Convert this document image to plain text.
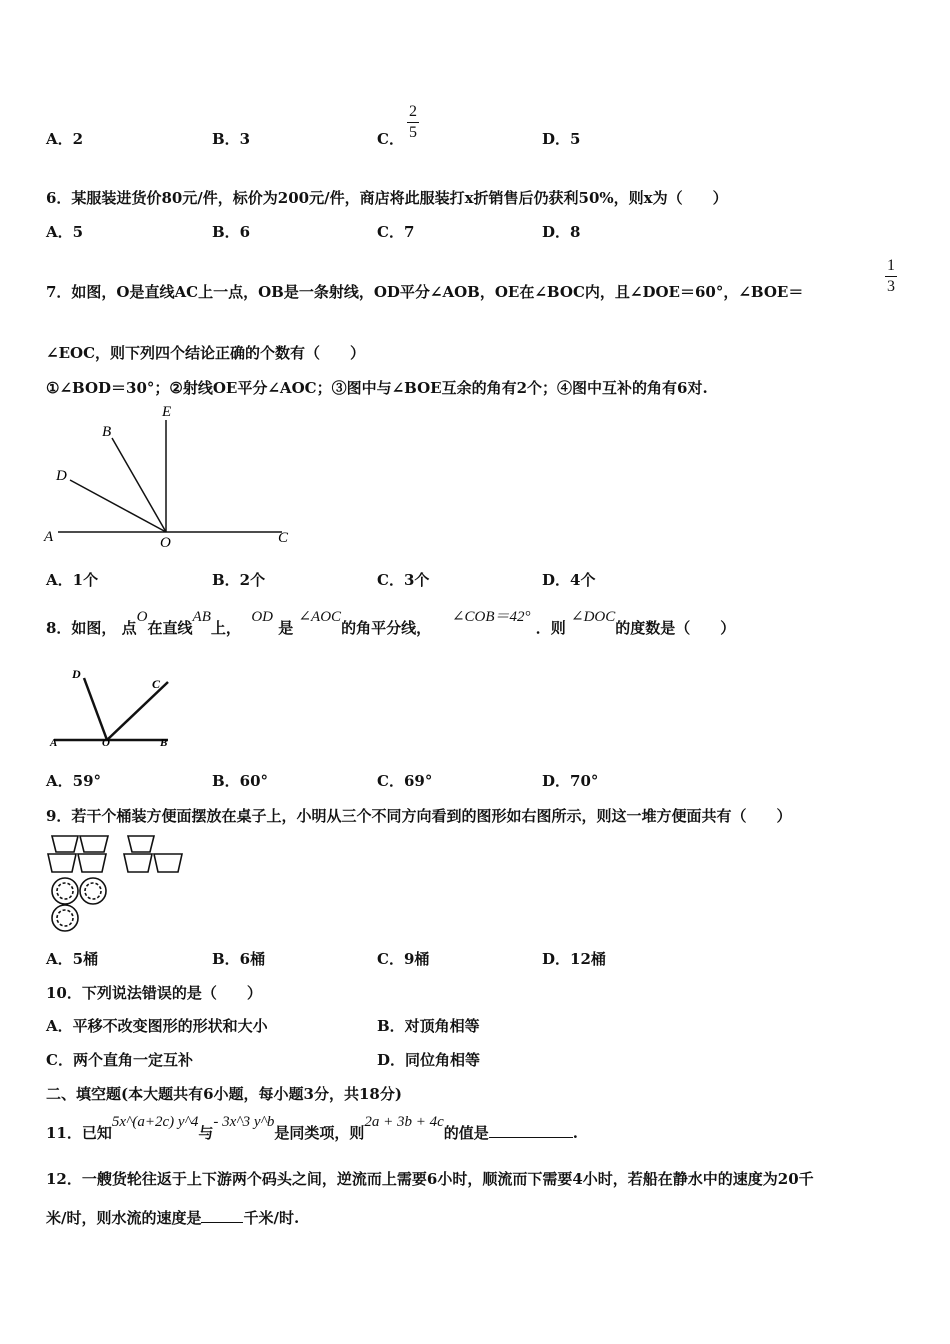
A．2	B．3	C． $\frac{2}{5}$	D．5
6．某服装进货价80元/件，标价为200元/件，商店将此服装打x折销售后仍获利50%，则x为（　　）
A．5	B．6	C．7	D．8
7．如图，O是直线AC上一点，OB是一条射线，OD平分∠AOB，OE在∠BOC内，且∠DOE＝60°，∠BOE＝	$\frac{1}{3}$
∠EOC，则下列四个结论正确的个数有（　　）
①∠BOD＝30°；②射线OE平分∠AOC；③图中与∠BOE互余的角有2个；④图中互补的角有6对.
E
B
D
A	O	C
A．1个	B．2个	C．3个	D．4个
8．如图， 点O在直线AB上，  OD 是 ∠AOC的角平分线，    ∠COB＝42° ．则 ∠DOC的度数是（　　）
D
C
A	O	B
A．59°	B．60°	C．69°	D．70°
9．若干个桶装方便面摆放在桌子上，小明从三个不同方向看到的图形如右图所示，则这一堆方便面共有（　　）
A．5桶	B．6桶	C．9桶	D．12桶
10．下列说法错误的是（　　）
A．平移不改变图形的形状和大小	B．对顶角相等
C．两个直角一定互补	D．同位角相等
二、填空题(本大题共有6小题，每小题3分，共18分)
11．已知5x^(a+2c) y^4与- 3x^3 y^b是同类项，则2a + 3b + 4c的值是	.
12．一艘货轮往返于上下游两个码头之间，逆流而上需要6小时，顺流而下需要4小时，若船在静水中的速度为20千
米/时，则水流的速度是	千米/时.
